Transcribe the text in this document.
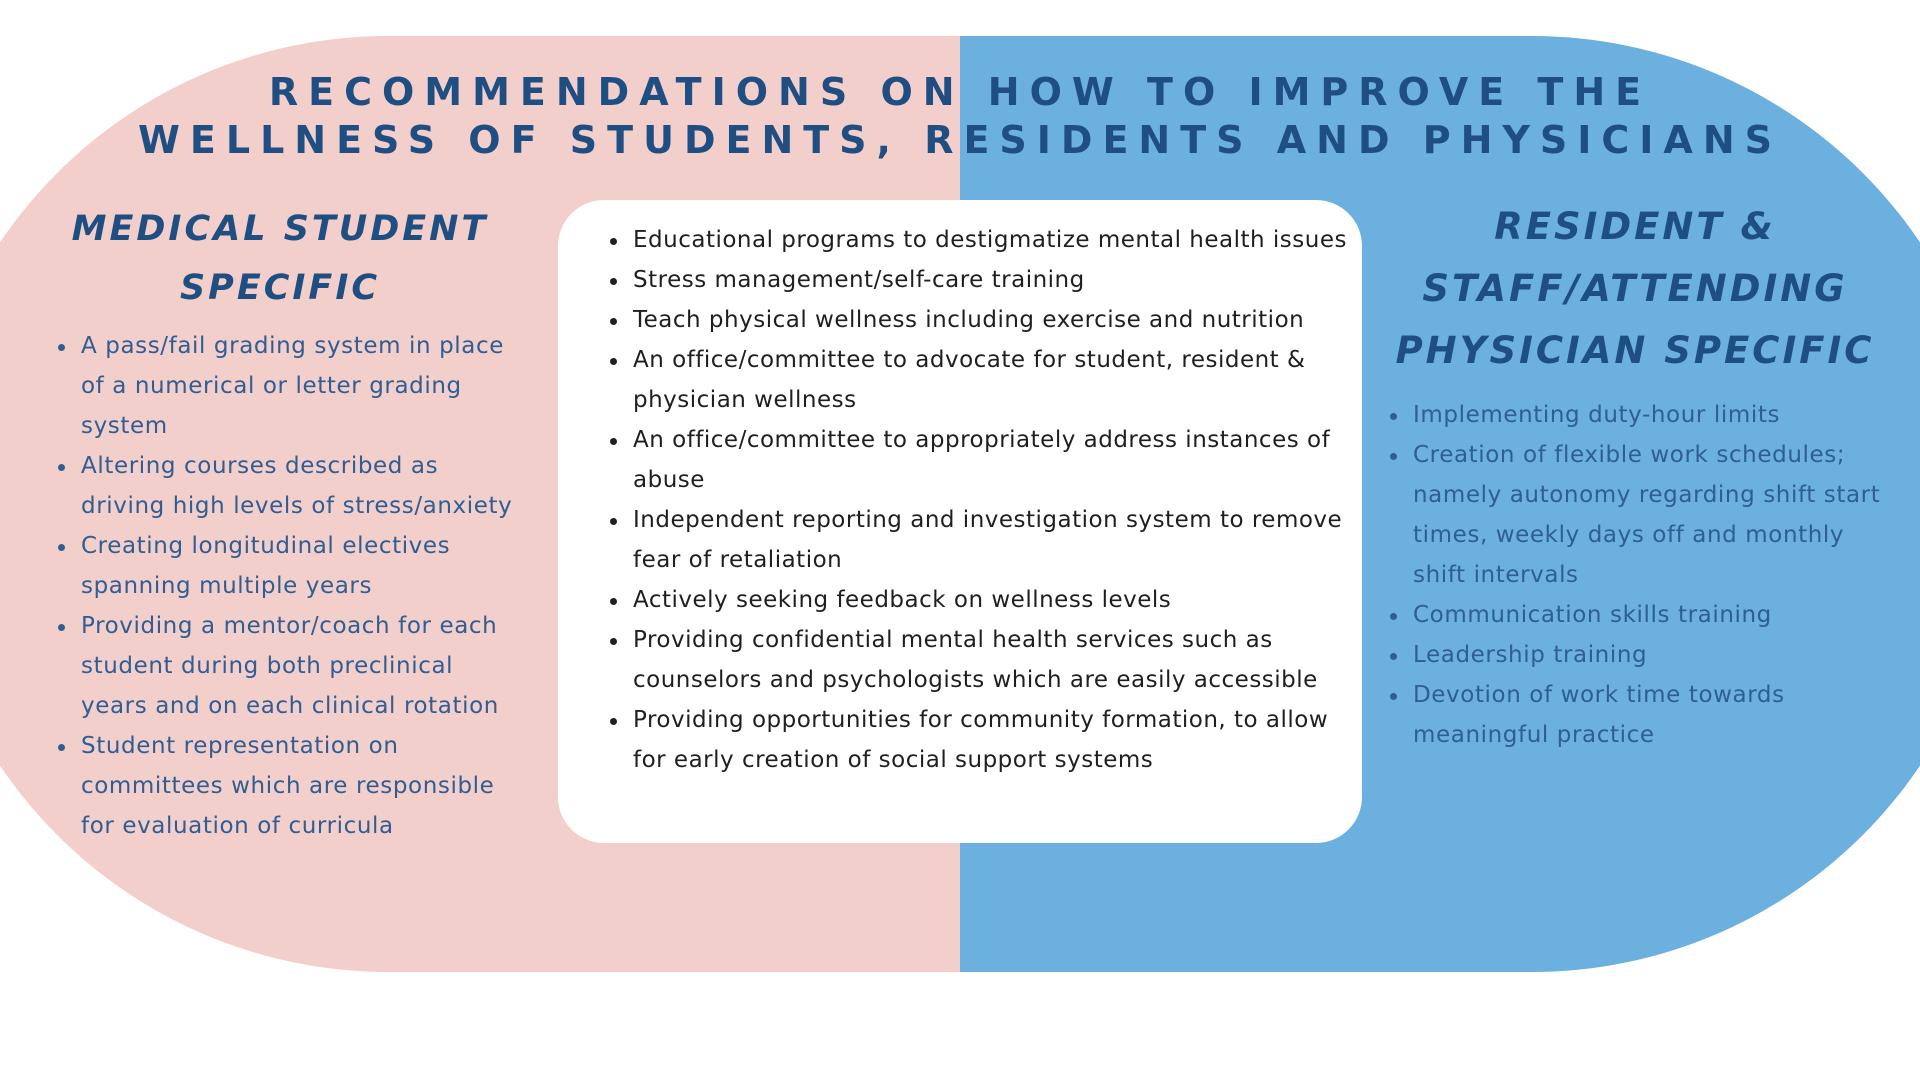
RECOMMENDATIONS ON HOW TO IMPROVE THE
WELLNESS OF STUDENTS, RESIDENTS AND PHYSICIANS
MEDICAL STUDENT
SPECIFIC
A pass/fail grading system in place of a numerical or letter grading system
Altering courses described as driving high levels of stress/anxiety
Creating longitudinal electives spanning multiple years
Providing a mentor/coach for each student during both preclinical years and on each clinical rotation
Student representation on committees which are responsible for evaluation of curricula
Educational programs to destigmatize mental health issues
Stress management/self-care training
Teach physical wellness including exercise and nutrition
An office/committee to advocate for student, resident & physician wellness
An office/committee to appropriately address instances of abuse
Independent reporting and investigation system to remove fear of retaliation
Actively seeking feedback on wellness levels
Providing confidential mental health services such as counselors and psychologists which are easily accessible
Providing opportunities for community formation, to allow for early creation of social support systems
RESIDENT &
STAFF/ATTENDING
PHYSICIAN SPECIFIC
Implementing duty-hour limits
Creation of flexible work schedules; namely autonomy regarding shift start times, weekly days off and monthly shift intervals
Communication skills training
Leadership training
Devotion of work time towards meaningful practice
